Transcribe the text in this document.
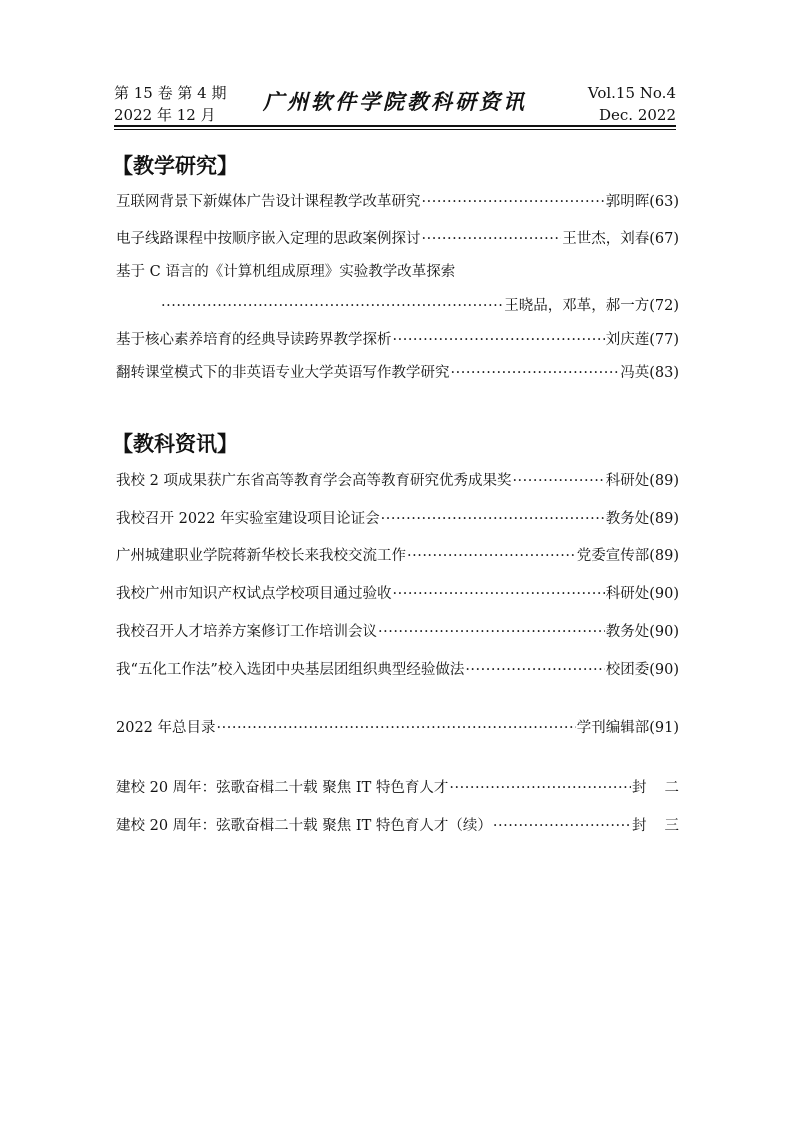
第 15 卷 第 4 期
2022 年 12 月
广州软件学院教科研资讯	Vol.15 No.4
Dec. 2022
【教学研究】
互联网背景下新媒体广告设计课程教学改革研究 ·····	郭明晖 ( 63 )
电子线路课程中按顺序嵌入定理的思政案例探讨 ·····	王世杰，刘春 ( 67 )
基于 C 语言的《计算机组成原理》实验教学改革探索
·····
王晓品，邓革，郝一方 ( 72 )
基于核心素养培育的经典导读跨界教学探析 ·····	刘庆莲 ( 77 )
翻转课堂模式下的非英语专业大学英语写作教学研究 ·····	冯英 ( 83 )
【教科资讯】
我校 2 项成果获广东省高等教育学会高等教育研究优秀成果奖 ·····	科研处 ( 89 )
我校召开 2022 年实验室建设项目论证会 ·····	教务处 ( 89 )
广州城建职业学院蒋新华校长来我校交流工作 ·····	党委宣传部 ( 89 )
我校广州市知识产权试点学校项目通过验收 ·····	科研处 ( 90 )
我校召开人才培养方案修订工作培训会议 ·····	教务处 ( 90 )
我“五化工作法”校入选团中央基层团组织典型经验做法 ·····	校团委 ( 90 )
2022 年总目录 ·····	学刊编辑部 ( 91 )
建校 20 周年：弦歌奋楫二十载 聚焦 IT 特色育人才 ·····	封 二
建校 20 周年：弦歌奋楫二十载 聚焦 IT 特色育人才（续） ·····	封 三
